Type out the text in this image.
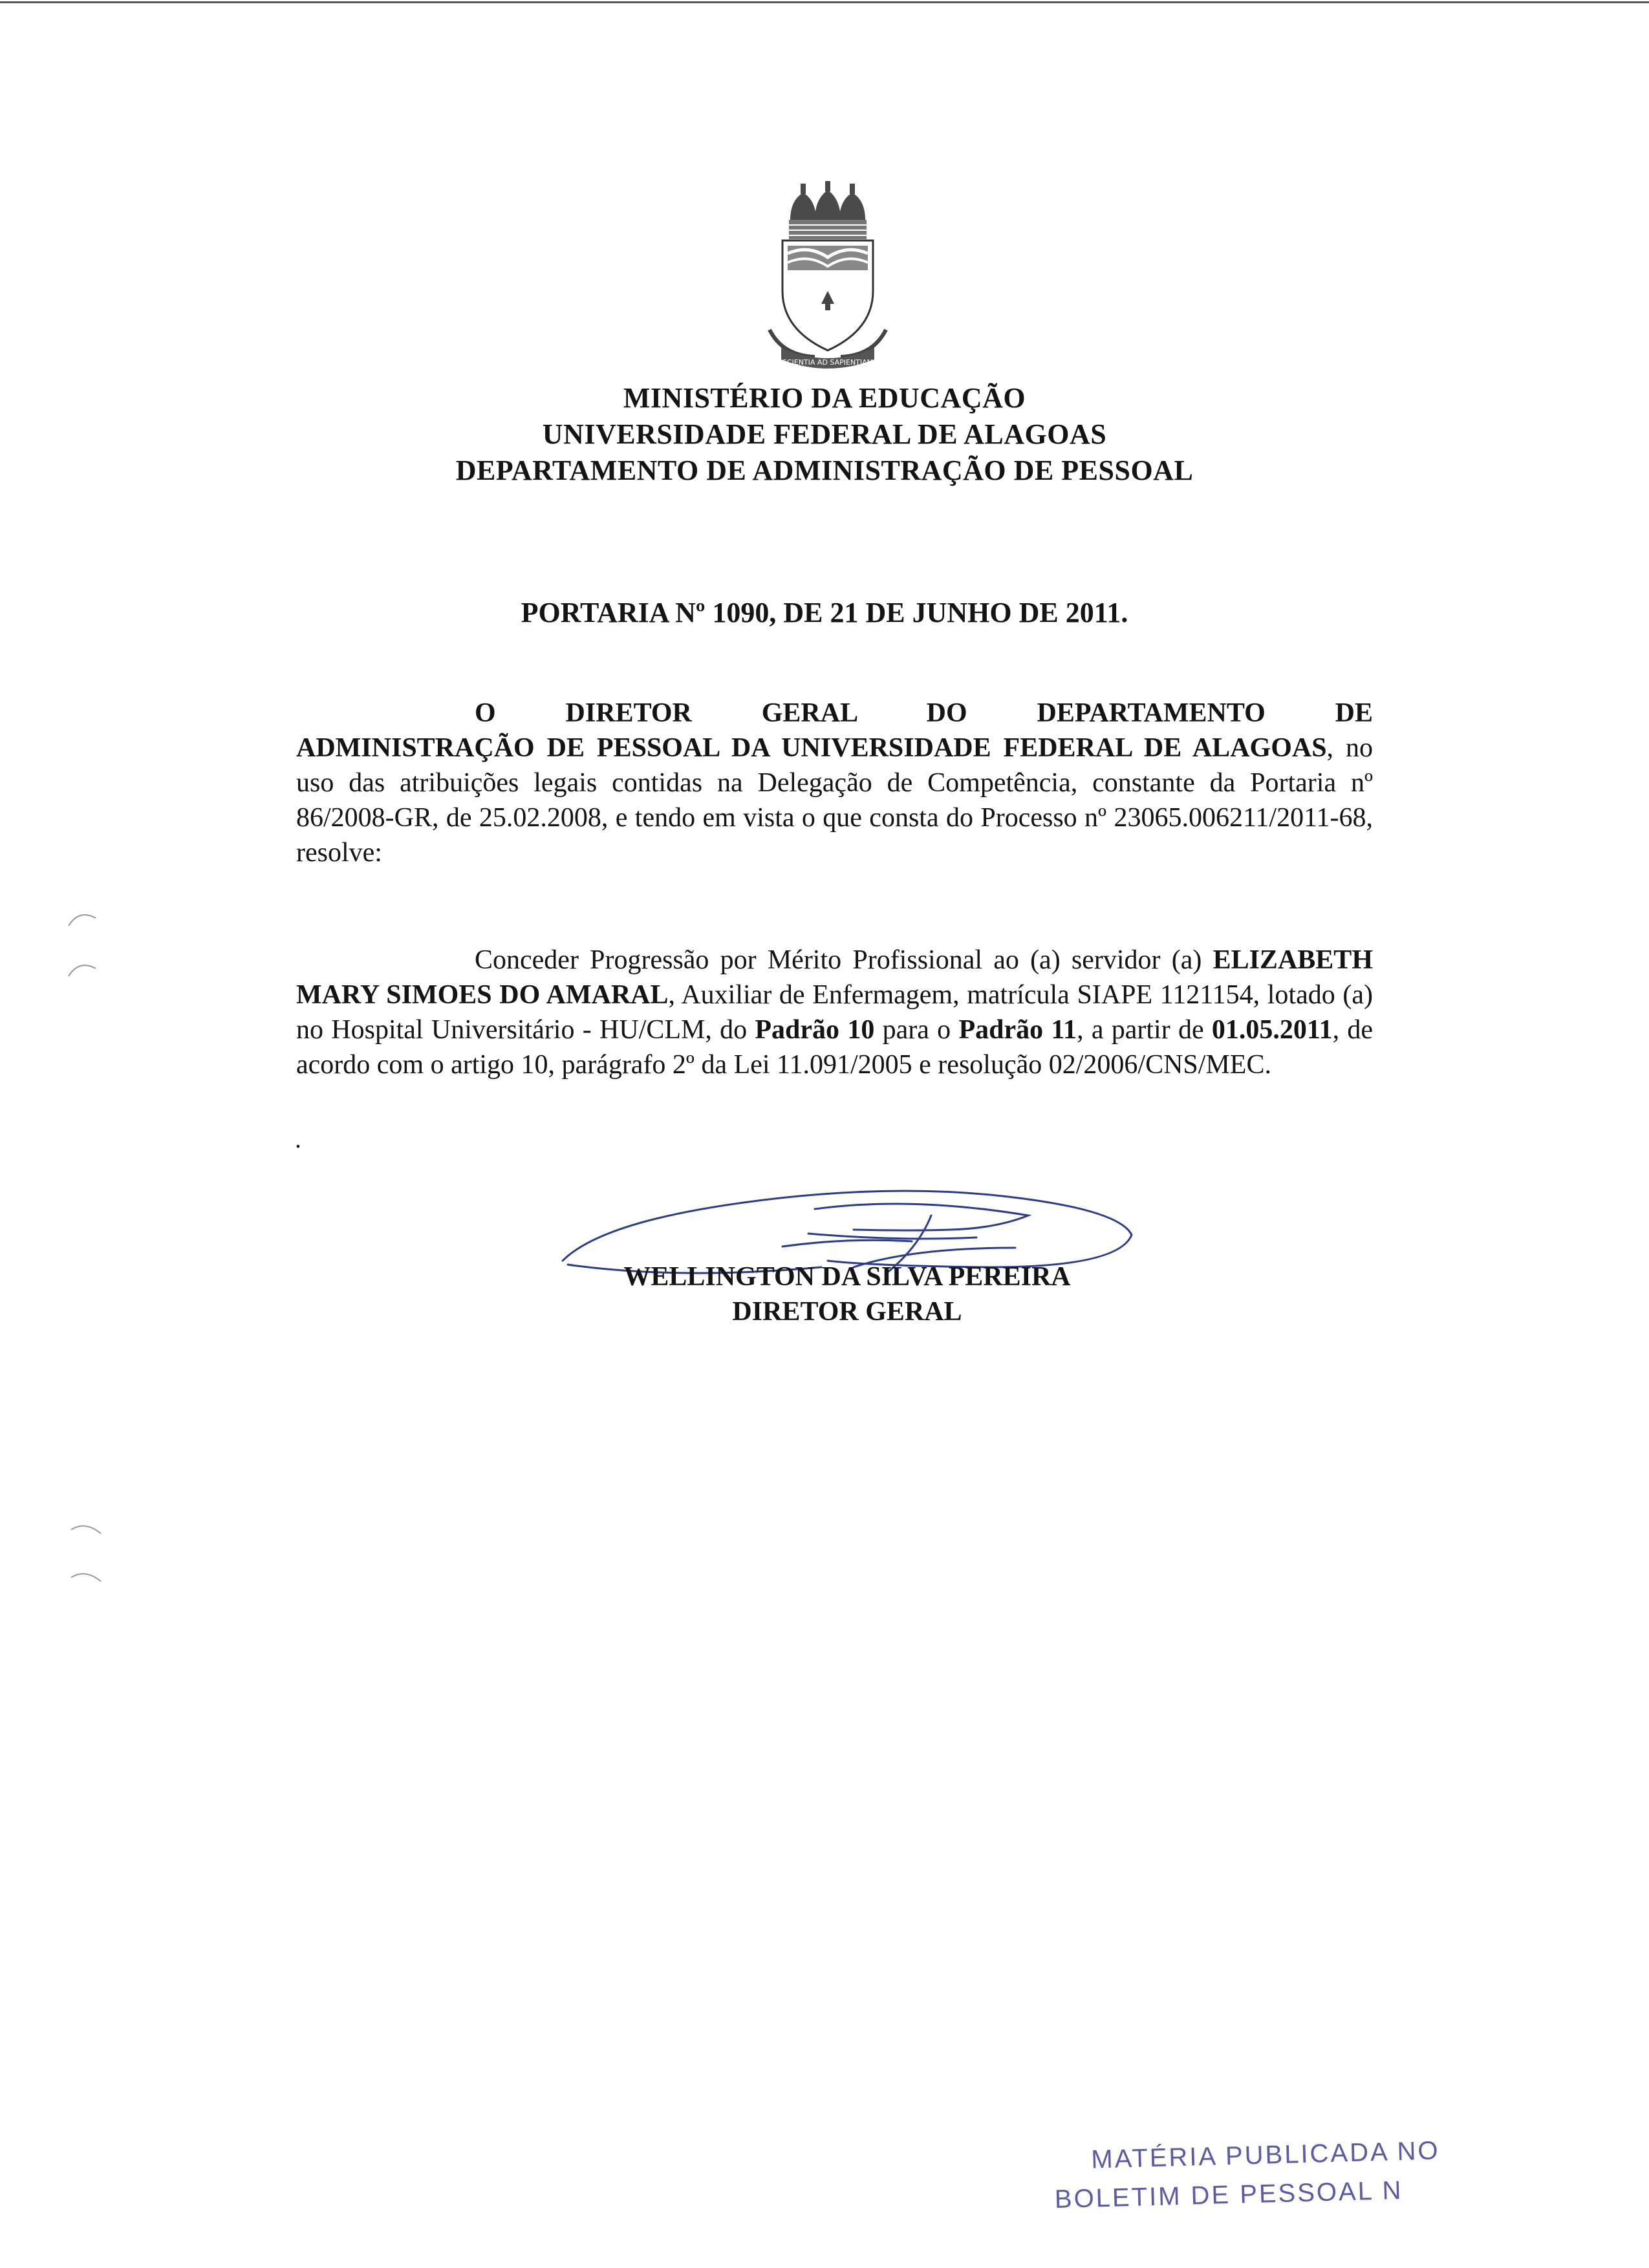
SCIENTIA AD SAPIENTIAM
MINISTÉRIO DA EDUCAÇÃO
UNIVERSIDADE FEDERAL DE ALAGOAS
DEPARTAMENTO DE ADMINISTRAÇÃO DE PESSOAL
PORTARIA Nº 1090, DE 21 DE JUNHO DE 2011.
O DIRETOR GERAL DO DEPARTAMENTO DE
ADMINISTRAÇÃO DE PESSOAL DA UNIVERSIDADE FEDERAL DE ALAGOAS, no uso das atribuições legais contidas na Delegação de Competência, constante da Portaria nº 86/2008-GR, de 25.02.2008, e tendo em vista o que consta do Processo nº 23065.006211/2011-68, resolve:
Conceder Progressão por Mérito Profissional ao (a) servidor (a) ELIZABETH MARY SIMOES DO AMARAL, Auxiliar de Enfermagem, matrícula SIAPE 1121154, lotado (a) no Hospital Universitário - HU/CLM, do Padrão 10 para o Padrão 11, a partir de 01.05.2011, de acordo com o artigo 10, parágrafo 2º da Lei 11.091/2005 e resolução 02/2006/CNS/MEC.
.
WELLINGTON DA SILVA PEREIRA
DIRETOR GERAL
MATÉRIA PUBLICADA NO
BOLETIM DE PESSOAL N
